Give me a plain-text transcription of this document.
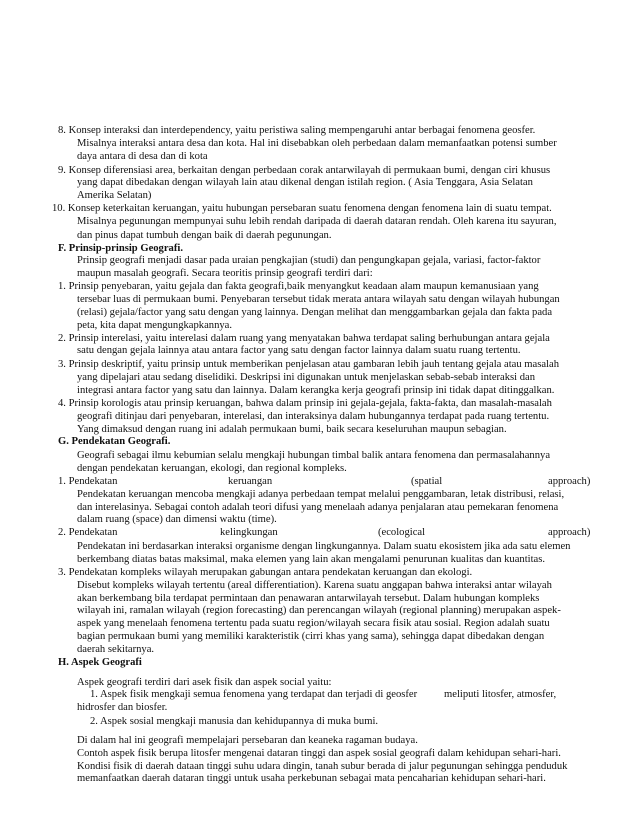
8. Konsep interaksi dan interdependency, yaitu peristiwa saling mempengaruhi antar berbagai fenomena geosfer.
Misalnya interaksi antara desa dan kota. Hal ini disebabkan oleh perbedaan dalam memanfaatkan potensi sumber
daya antara di desa dan di kota
9. Konsep diferensiasi area, berkaitan dengan perbedaan corak antarwilayah di permukaan bumi, dengan ciri khusus
yang dapat dibedakan dengan wilayah lain atau dikenal dengan istilah region. ( Asia Tenggara, Asia Selatan
Amerika Selatan)
10. Konsep keterkaitan keruangan, yaitu hubungan persebaran suatu fenomena dengan fenomena lain di suatu tempat.
Misalnya pegunungan mempunyai suhu lebih rendah daripada di daerah dataran rendah. Oleh karena itu sayuran,
dan pinus dapat tumbuh dengan baik di daerah pegunungan.
F. Prinsip-prinsip Geografi.
Prinsip geografi menjadi dasar pada uraian pengkajian (studi) dan pengungkapan gejala, variasi, factor-faktor
maupun masalah geografi. Secara teoritis prinsip geografi terdiri dari:
1. Prinsip penyebaran, yaitu gejala dan fakta geografi,baik menyangkut keadaan alam maupun kemanusiaan yang
tersebar luas di permukaan bumi. Penyebaran tersebut tidak merata antara wilayah satu dengan wilayah hubungan
(relasi) gejala/factor yang satu dengan yang lainnya. Dengan melihat dan menggambarkan gejala dan fakta pada
peta, kita dapat mengungkapkannya.
2. Prinsip interelasi, yaitu interelasi dalam ruang yang menyatakan bahwa terdapat saling berhubungan antara gejala
satu dengan gejala lainnya atau antara factor yang satu dengan factor lainnya dalam suatu ruang tertentu.
3. Prinsip deskriptif, yaitu prinsip untuk memberikan penjelasan atau gambaran lebih jauh tentang gejala atau masalah
yang dipelajari atau sedang diselidiki. Deskripsi ini digunakan untuk menjelaskan sebab-sebab interaksi dan
integrasi antara factor yang satu dan lainnya. Dalam kerangka kerja geografi prinsip ini tidak dapat ditinggalkan.
4. Prinsip korologis atau prinsip keruangan, bahwa dalam prinsip ini gejala-gejala, fakta-fakta, dan masalah-masalah
geografi ditinjau dari penyebaran, interelasi, dan interaksinya dalam hubungannya terdapat pada ruang tertentu.
Yang dimaksud dengan ruang ini adalah permukaan bumi, baik secara keseluruhan maupun sebagian.
G. Pendekatan Geografi.
Geografi sebagai ilmu kebumian selalu mengkaji hubungan timbal balik antara fenomena dan permasalahannya
dengan pendekatan keruangan, ekologi, dan regional kompleks.
1. Pendekatan	keruangan	(spatial	approach)
Pendekatan keruangan mencoba mengkaji adanya perbedaan tempat melalui penggambaran, letak distribusi, relasi,
dan interelasinya. Sebagai contoh adalah teori difusi yang menelaah adanya penjalaran atau pemekaran fenomena
dalam ruang (space) dan dimensi waktu (time).
2. Pendekatan	kelingkungan	(ecological	approach)
Pendekatan ini berdasarkan interaksi organisme dengan lingkungannya. Dalam suatu ekosistem jika ada satu elemen
berkembang diatas batas maksimal, maka elemen yang lain akan mengalami penurunan kualitas dan kuantitas.
3. Pendekatan kompleks wilayah merupakan gabungan antara pendekatan keruangan dan ekologi.
Disebut kompleks wilayah tertentu (areal differentiation). Karena suatu anggapan bahwa interaksi antar wilayah
akan berkembang bila terdapat permintaan dan penawaran antarwilayah tersebut. Dalam hubungan kompleks
wilayah ini, ramalan wilayah (region forecasting) dan perencangan wilayah (regional planning) merupakan aspek-
aspek yang menelaah fenomena tertentu pada suatu region/wilayah secara fisik atau sosial. Region adalah suatu
bagian permukaan bumi yang memiliki karakteristik (cirri khas yang sama), sehingga dapat dibedakan dengan
daerah sekitarnya.
H. Aspek Geografi
Aspek geografi terdiri dari asek fisik dan aspek social yaitu:
1. Aspek fisik mengkaji semua fenomena yang terdapat dan terjadi di geosfer	meliputi litosfer, atmosfer,
hidrosfer dan biosfer.
2. Aspek sosial mengkaji manusia dan kehidupannya di muka bumi.
Di dalam hal ini geografi mempelajari persebaran dan keaneka ragaman budaya.
Contoh aspek fisik berupa litosfer mengenai dataran tinggi dan aspek sosial geografi dalam kehidupan sehari-hari.
Kondisi fisik di daerah dataan tinggi suhu udara dingin, tanah subur berada di jalur pegunungan sehingga penduduk
memanfaatkan daerah dataran tinggi untuk usaha perkebunan sebagai mata pencaharian kehidupan sehari-hari.
